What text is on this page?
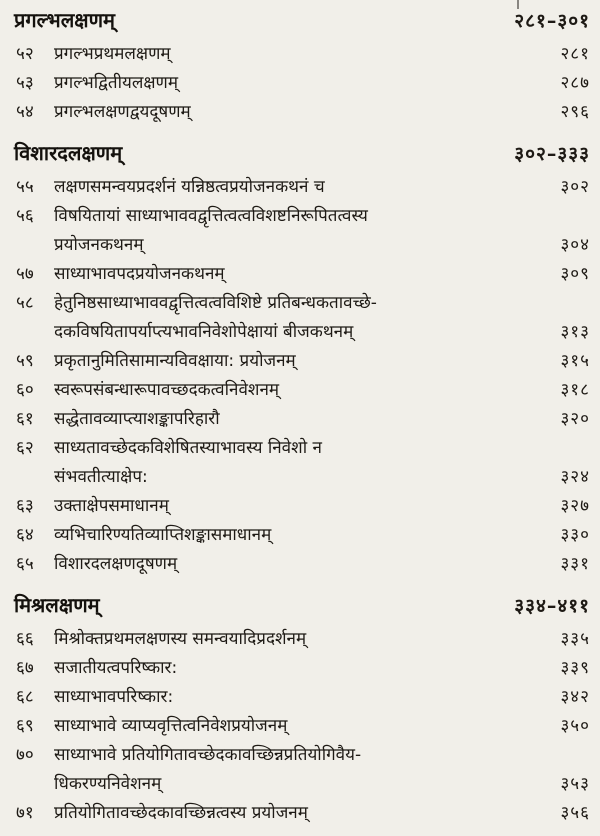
प्रगल्भलक्षणम्	२८१–३०१
५२	प्रगल्भप्रथमलक्षणम्	२८१
५३	प्रगल्भद्वितीयलक्षणम्	२८७
५४	प्रगल्भलक्षणद्वयदूषणम्	२९६
विशारदलक्षणम्	३०२–३३३
५५	लक्षणसमन्वयप्रदर्शनं यन्निष्ठत्वप्रयोजनकथनं च	३०२
५६	विषयितायां साध्याभाववद्वृत्तित्वत्वविशष्टनिरूपितत्वस्य
प्रयोजनकथनम्	३०४
५७	साध्याभावपदप्रयोजनकथनम्	३०९
५८	हेतुनिष्ठसाध्याभाववद्वृत्तित्वत्वविशिष्टे प्रतिबन्धकतावच्छे-
दकविषयितापर्याप्त्यभावनिवेशोपेक्षायां बीजकथनम्	३१३
५९	प्रकृतानुमितिसामान्यविवक्षाया: प्रयोजनम्	३१५
६०	स्वरूपसंबन्धारूपावच्छदकत्वनिवेशनम्	३१८
६१	सद्धेतावव्याप्त्याशङ्कापरिहारौ	३२०
६२	साध्यतावच्छेदकविशेषितस्याभावस्य निवेशो न
संभवतीत्याक्षेप:	३२४
६३	उक्ताक्षेपसमाधानम्	३२७
६४	व्यभिचारिण्यतिव्याप्तिशङ्कासमाधानम्	३३०
६५	विशारदलक्षणदूषणम्	३३१
मिश्रलक्षणम्	३३४–४११
६६	मिश्रोक्तप्रथमलक्षणस्य समन्वयादिप्रदर्शनम्	३३५
६७	सजातीयत्वपरिष्कार:	३३९
६८	साध्याभावपरिष्कार:	३४२
६९	साध्याभावे व्याप्यवृत्तित्वनिवेशप्रयोजनम्	३५०
७०	साध्याभावे प्रतियोगितावच्छेदकावच्छिन्नप्रतियोगिवैय-
धिकरण्यनिवेशनम्	३५३
७१	प्रतियोगितावच्छेदकावच्छिन्नत्वस्य प्रयोजनम्	३५६
